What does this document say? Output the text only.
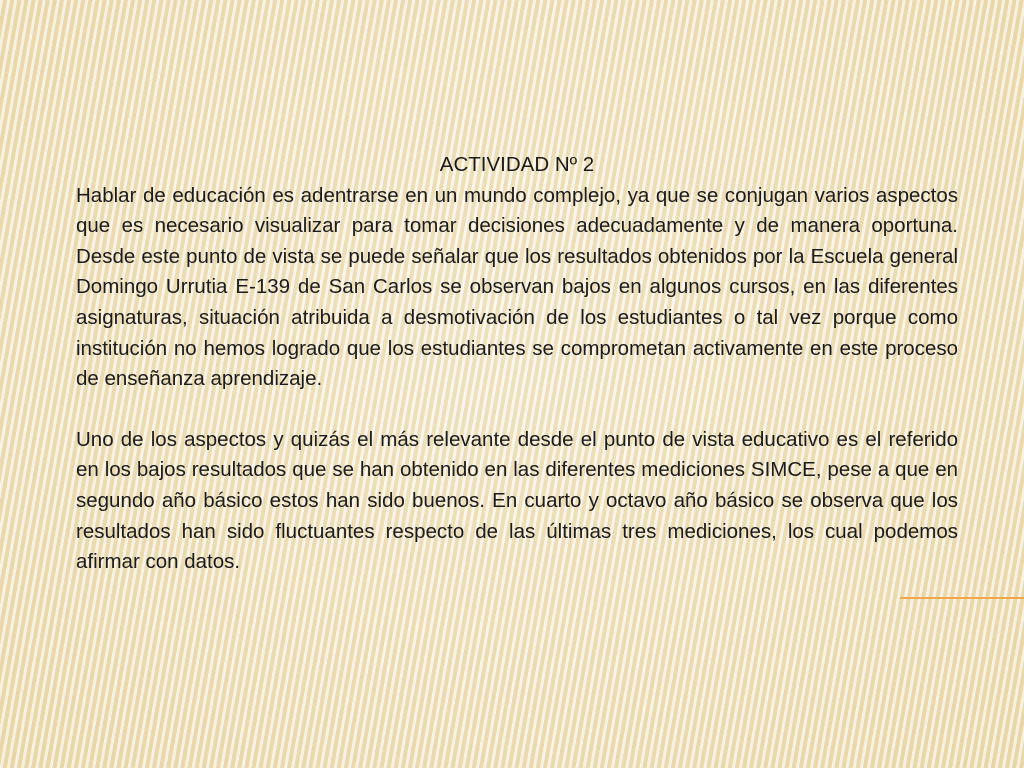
ACTIVIDAD Nº 2

Hablar de educación es adentrarse en un mundo complejo, ya que se conjugan varios aspectos que es necesario visualizar para tomar decisiones adecuadamente y de manera oportuna. Desde este punto de vista se puede señalar que los resultados obtenidos por la Escuela general Domingo Urrutia E-139 de San Carlos se observan bajos en algunos cursos, en las diferentes asignaturas, situación atribuida a desmotivación de los estudiantes o tal vez porque como institución no hemos logrado que los estudiantes se comprometan activamente en este proceso de enseñanza aprendizaje.

Uno de los aspectos y quizás el más relevante desde el punto de vista educativo es el referido en los bajos resultados que se han obtenido en las diferentes mediciones SIMCE, pese a que en segundo año básico estos han sido buenos. En cuarto y octavo año básico se observa que los resultados han sido fluctuantes respecto de las últimas tres mediciones, los cual podemos afirmar con datos.
